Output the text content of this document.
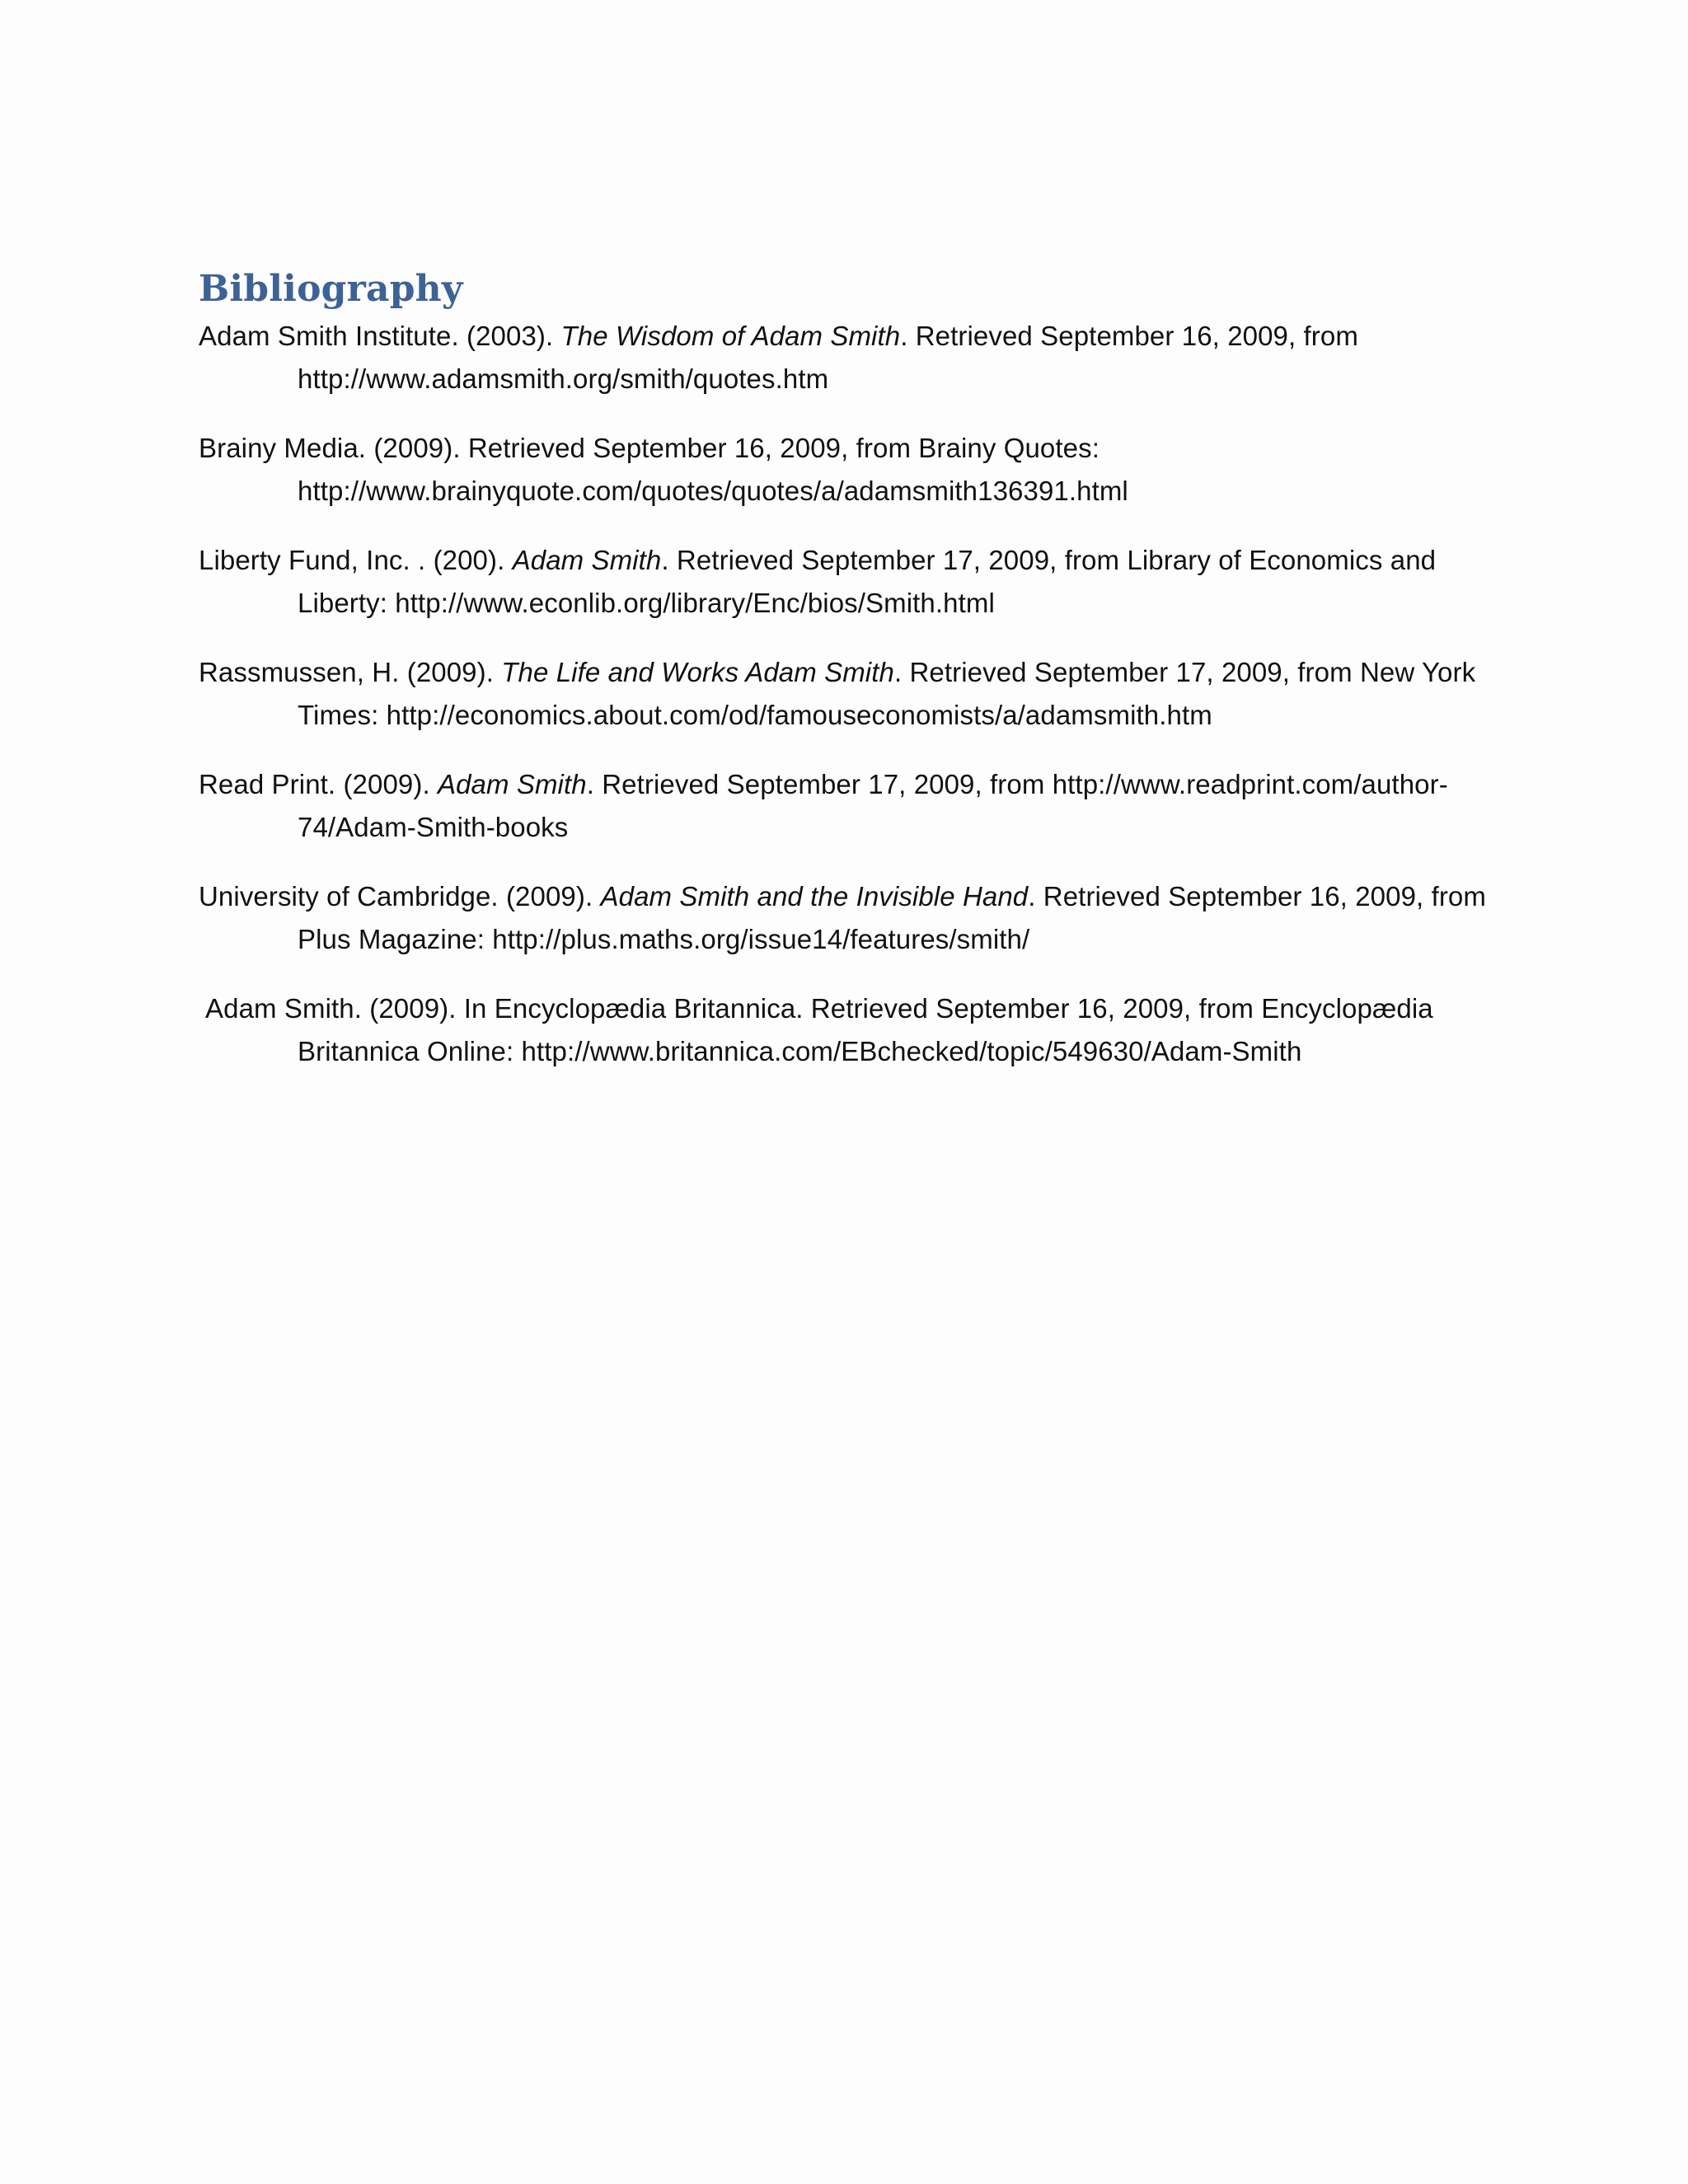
Bibliography

Adam Smith Institute. (2003). The Wisdom of Adam Smith. Retrieved September 16, 2009, from http://www.adamsmith.org/smith/quotes.htm

Brainy Media. (2009). Retrieved September 16, 2009, from Brainy Quotes: http://www.brainyquote.com/quotes/quotes/a/adamsmith136391.html

Liberty Fund, Inc. . (200). Adam Smith. Retrieved September 17, 2009, from Library of Economics and Liberty: http://www.econlib.org/library/Enc/bios/Smith.html

Rassmussen, H. (2009). The Life and Works Adam Smith. Retrieved September 17, 2009, from New York Times: http://economics.about.com/od/famouseconomists/a/adamsmith.htm

Read Print. (2009). Adam Smith. Retrieved September 17, 2009, from http://www.readprint.com/author-74/Adam-Smith-books

University of Cambridge. (2009). Adam Smith and the Invisible Hand. Retrieved September 16, 2009, from Plus Magazine: http://plus.maths.org/issue14/features/smith/

Adam Smith. (2009). In Encyclopædia Britannica. Retrieved September 16, 2009, from Encyclopædia Britannica Online: http://www.britannica.com/EBchecked/topic/549630/Adam-Smith
